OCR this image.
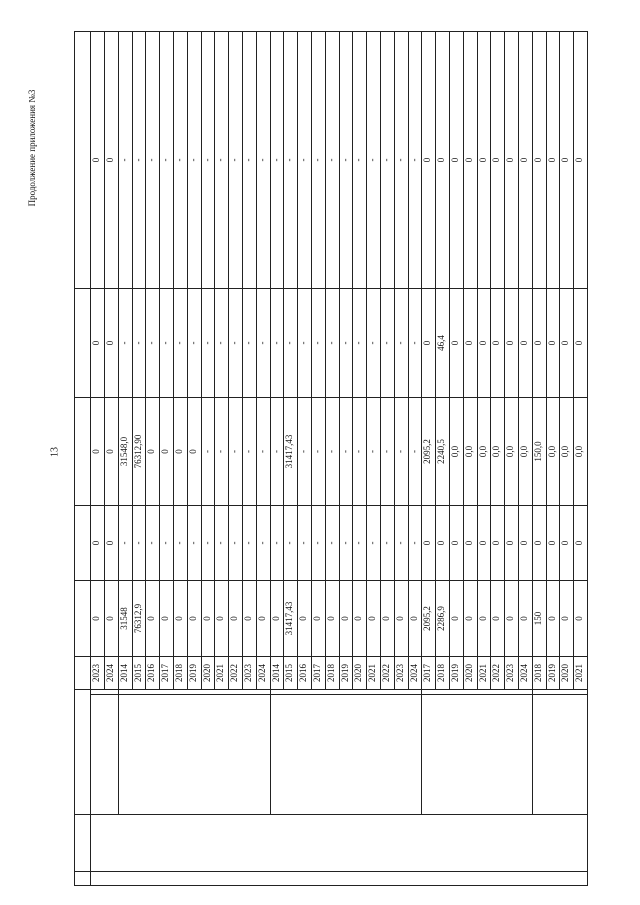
13
Продолжение приложения №3

				2023	0	0	0	0	0
				2024	0	0	0	0	0
				2014	31548	-	31548,0	-	-
				2015	76312,9	-	76312,90	-	-
				2016	0	-	0	-	-
				2017	0	-	0	-	-
				2018	0	-	0	-	-
				2019	0	-	0	-	-
				2020	0	-	-	-	-
				2021	0	-	-	-	-
				2022	0	-	-	-	-
				2023	0	-	-	-	-
				2024	0	-	-	-	-
				2014	0	-	-	-	-
				2015	31417,43	-	31417,43	-	-
				2016	0	-	-	-	-
				2017	0	-	-	-	-
				2018	0	-	-	-	-
				2019	0	-	-	-	-
				2020	0	-	-	-	-
				2021	0	-	-	-	-
				2022	0	-	-	-	-
				2023	0	-	-	-	-
				2024	0	-	-	-	-
				2017	2095,2	0	2095,2	0	0
				2018	2286,9	0	2240,5	46,4	0
				2019	0	0	0,0	0	0
				2020	0	0	0,0	0	0
				2021	0	0	0,0	0	0
				2022	0	0	0,0	0	0
				2023	0	0	0,0	0	0
				2024	0	0	0,0	0	0
				2018	150	0	150,0	0	0
				2019	0	0	0,0	0	0
				2020	0	0	0,0	0	0
				2021	0	0	0,0	0	0
